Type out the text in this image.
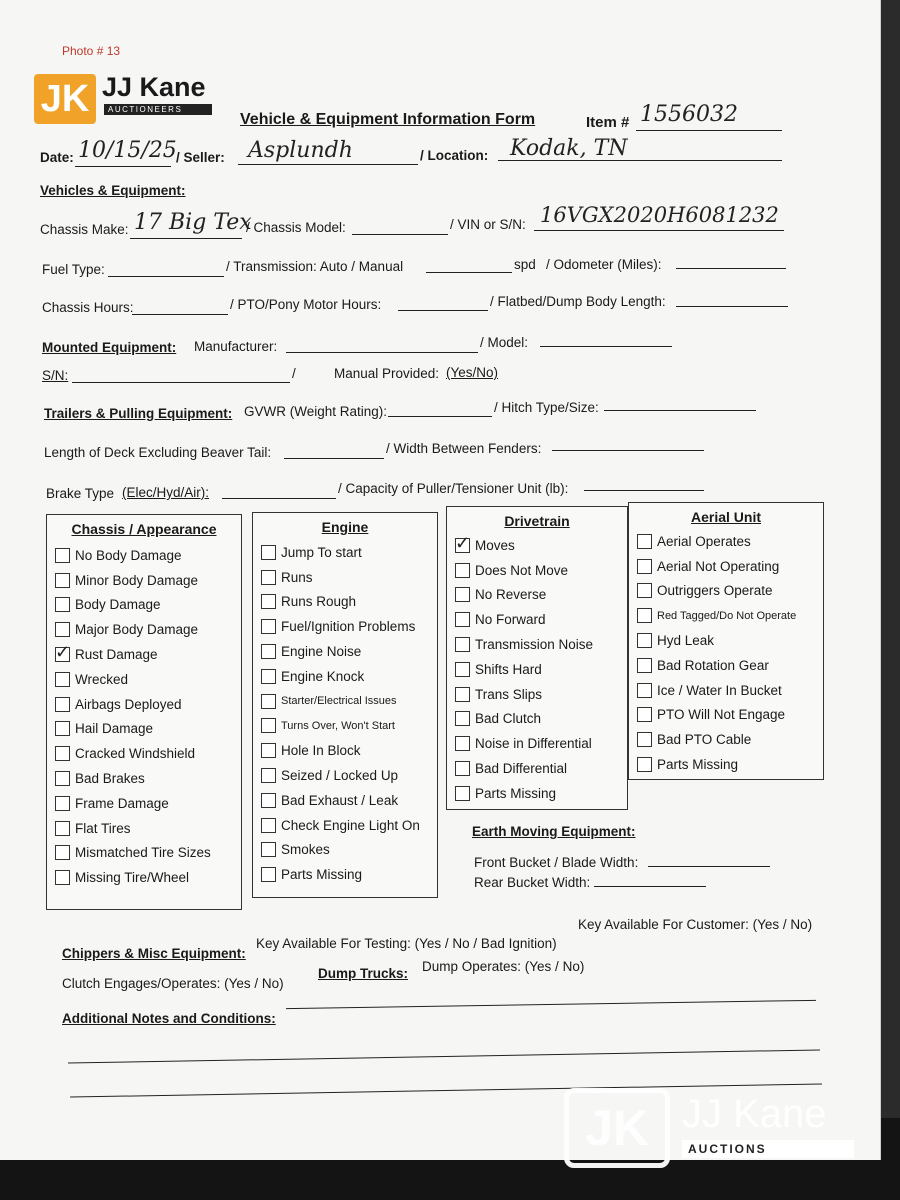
Photo # 13
JK JJ Kane
AUCTIONEERS
Vehicle & Equipment Information Form	Item # 1556032
Date: 10/15/25 / Seller: Asplundh	/ Location: Kodak, TN
Vehicles & Equipment:
Chassis Make: 17 Big Tex
/ Chassis Model:	/ VIN or S/N: 16VGX2020H6081232
Fuel Type:	/ Transmission: Auto / Manual	spd / Odometer (Miles):
Chassis Hours:	/ PTO/Pony Motor Hours:	/ Flatbed/Dump Body Length:
Mounted Equipment: Manufacturer:	/ Model:
S/N:	/	Manual Provided: (Yes/No)
Trailers & Pulling Equipment: GVWR (Weight Rating):	/ Hitch Type/Size:
Length of Deck Excluding Beaver Tail:	/ Width Between Fenders:
Brake Type (Elec/Hyd/Air):	/ Capacity of Puller/Tensioner Unit (lb):
Chassis / Appearance
No Body Damage
Minor Body Damage
Body Damage
Major Body Damage
✓
Rust Damage
Wrecked
Airbags Deployed
Hail Damage
Cracked Windshield
Bad Brakes
Frame Damage
Flat Tires
Mismatched Tire Sizes
Missing Tire/Wheel
Engine
Jump To start
Runs
Runs Rough
Fuel/Ignition Problems
Engine Noise
Engine Knock
Starter/Electrical Issues
Turns Over, Won't Start
Hole In Block
Seized / Locked Up
Bad Exhaust / Leak
Check Engine Light On
Smokes
Parts Missing
Drivetrain
✓
Moves
Does Not Move
No Reverse
No Forward
Transmission Noise
Shifts Hard
Trans Slips
Bad Clutch
Noise in Differential
Bad Differential
Parts Missing
Aerial Unit
Aerial Operates
Aerial Not Operating
Outriggers Operate
Red Tagged/Do Not Operate
Hyd Leak
Bad Rotation Gear
Ice / Water In Bucket
PTO Will Not Engage
Bad PTO Cable
Parts Missing
Earth Moving Equipment:
Front Bucket / Blade Width:
Rear Bucket Width:
Chippers & Misc Equipment:
Key Available For Testing: (Yes / No / Bad Ignition)
Key Available For Customer: (Yes / No)
Clutch Engages/Operates: (Yes / No)
Dump Trucks: Dump Operates: (Yes / No)
Additional Notes and Conditions:
JK JJ Kane
AUCTIONS
